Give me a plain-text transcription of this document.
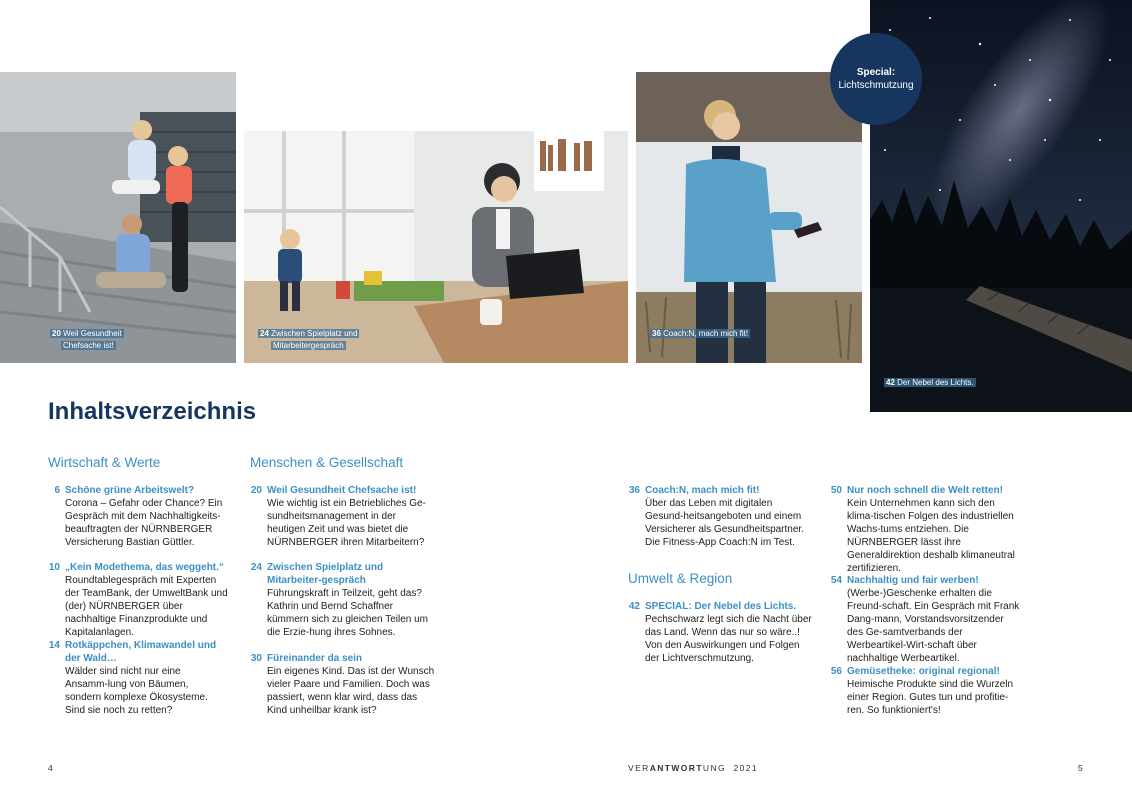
20 Weil Gesundheit
Chefsache ist!
24 Zwischen Spielplatz und
Mitarbeitergespräch
36 Coach:N, mach mich fit!
42 Der Nebel des Lichts.
Special:
Lichtschmutzung
Inhaltsverzeichnis
Wirtschaft & Werte
6 Schöne grüne Arbeitswelt?
Corona – Gefahr oder Chance? Ein Gespräch mit dem Nachhaltigkeits-beauftragten der NÜRNBERGER Versicherung Bastian Güttler.
10 „Kein Modethema, das weggeht.“
Roundtablegespräch mit Experten der TeamBank, der UmweltBank und (der) NÜRNBERGER über nachhaltige Finanzprodukte und Kapitalanlagen.
14 Rotkäppchen, Klimawandel und der Wald…
Wälder sind nicht nur eine Ansamm-lung von Bäumen, sondern komplexe Ökosysteme. Sind sie noch zu retten?
Menschen & Gesellschaft
20 Weil Gesundheit Chefsache ist!
Wie wichtig ist ein Betriebliches Ge-sundheitsmanagement in der heutigen Zeit und was bietet die NÜRNBERGER ihren Mitarbeitern?
24 Zwischen Spielplatz und Mitarbeiter-gespräch
Führungskraft in Teilzeit, geht das? Kathrin und Bernd Schaffner kümmern sich zu gleichen Teilen um die Erzie-hung ihres Sohnes.
30 Füreinander da sein
Ein eigenes Kind. Das ist der Wunsch vieler Paare und Familien. Doch was passiert, wenn klar wird, dass das Kind unheilbar krank ist?
36 Coach:N, mach mich fit!
Über das Leben mit digitalen Gesund-heitsangeboten und einem Versicherer als Gesundheitspartner. Die Fitness-App Coach:N im Test.
Umwelt & Region
42 SPECIAL: Der Nebel des Lichts.
Pechschwarz legt sich die Nacht über das Land. Wenn das nur so wäre..! Von den Auswirkungen und Folgen der Lichtverschmutzung.
50 Nur noch schnell die Welt retten!
Kein Unternehmen kann sich den klima-tischen Folgen des industriellen Wachs-tums entziehen. Die NÜRNBERGER lässt ihre Generaldirektion deshalb klimaneutral zertifizieren.
54 Nachhaltig und fair werben!
(Werbe-)Geschenke erhalten die Freund-schaft. Ein Gespräch mit Frank Dang-mann, Vorstandsvorsitzender des Ge-samtverbands der Werbeartikel-Wirt-schaft über nachhaltige Werbeartikel.
56 Gemüsetheke: original regional!
Heimische Produkte sind die Wurzeln einer Region. Gutes tun und profitie-ren. So funktioniert's!
4	VERANTWORTUNG 2021	5
